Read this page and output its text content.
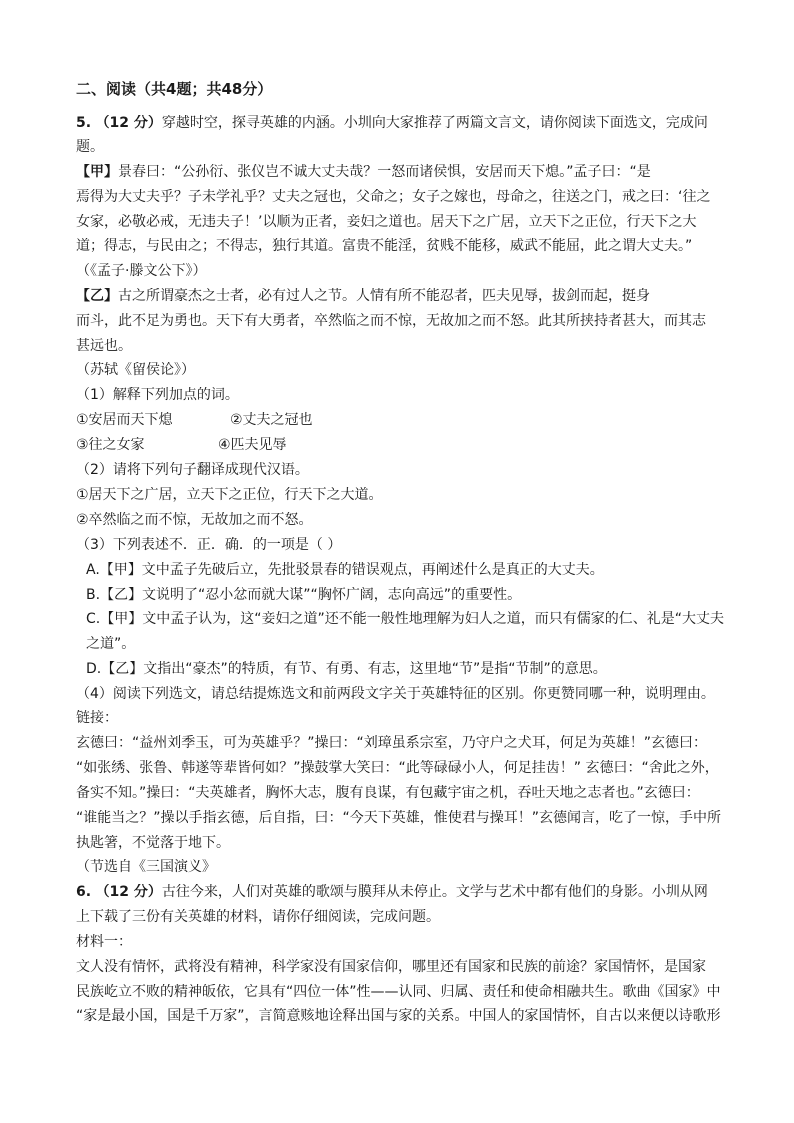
二、阅读（共4题；共48分）
5. （12 分）穿越时空，探寻英雄的内涵。小圳向大家推荐了两篇文言文，请你阅读下面选文，完成问
题。
【甲】景春曰：“公孙衍、张仪岂不诚大丈夫哉？一怒而诸侯惧，安居而天下熄。”孟子曰：“是
焉得为大丈夫乎？子未学礼乎？丈夫之冠也，父命之；女子之嫁也，母命之，往送之门，戒之曰：‘往之
女家，必敬必戒，无违夫子！’以顺为正者，妾妇之道也。居天下之广居，立天下之正位，行天下之大
道；得志，与民由之；不得志，独行其道。富贵不能淫，贫贱不能移，威武不能屈，此之谓大丈夫。”
（《孟子·滕文公下》）
【乙】古之所谓豪杰之士者，必有过人之节。人情有所不能忍者，匹夫见辱，拔剑而起，挺身
而斗，此不足为勇也。天下有大勇者，卒然临之而不惊，无故加之而不怒。此其所挟持者甚大，而其志
甚远也。
（苏轼《留侯论》）
（1）解释下列加点的词。
①安居而天下熄	②丈夫之冠也
③往之女家	④匹夫见辱
（2）请将下列句子翻译成现代汉语。
①居天下之广居，立天下之正位，行天下之大道。
②卒然临之而不惊，无故加之而不怒。
（3）下列表述不．正．确．的一项是（ ）
A.【甲】文中孟子先破后立，先批驳景春的错误观点，再阐述什么是真正的大丈夫。
B.【乙】文说明了“忍小忿而就大谋”“胸怀广阔，志向高远”的重要性。
C.【甲】文中孟子认为，这“妾妇之道”还不能一般性地理解为妇人之道，而只有儒家的仁、礼是“大丈夫
之道”。
D.【乙】文指出“豪杰”的特质，有节、有勇、有志，这里地“节”是指“节制”的意思。
（4）阅读下列选文，请总结提炼选文和前两段文字关于英雄特征的区别。你更赞同哪一种，说明理由。
链接：
玄德曰：“益州刘季玉，可为英雄乎？”操曰：“刘璋虽系宗室，乃守户之犬耳，何足为英雄！”玄德曰：
“如张绣、张鲁、韩遂等辈皆何如？”操鼓掌大笑曰：“此等碌碌小人，何足挂齿！” 玄德曰：“舍此之外，
备实不知。”操曰：“夫英雄者，胸怀大志，腹有良谋，有包藏宇宙之机，吞吐天地之志者也。”玄德曰：
“谁能当之？”操以手指玄德，后自指，曰：“今天下英雄，惟使君与操耳！”玄德闻言，吃了一惊，手中所
执匙箸，不觉落于地下。
（节选自《三国演义》
6. （12 分）古往今来，人们对英雄的歌颂与膜拜从未停止。文学与艺术中都有他们的身影。小圳从网
上下载了三份有关英雄的材料，请你仔细阅读，完成问题。
材料一：
文人没有情怀，武将没有精神，科学家没有国家信仰，哪里还有国家和民族的前途？家国情怀，是国家
民族屹立不败的精神皈依，它具有“四位一体”性——认同、归属、责任和使命相融共生。歌曲《国家》中
“家是最小国，国是千万家”，言简意赅地诠释出国与家的关系。中国人的家国情怀，自古以来便以诗歌形
